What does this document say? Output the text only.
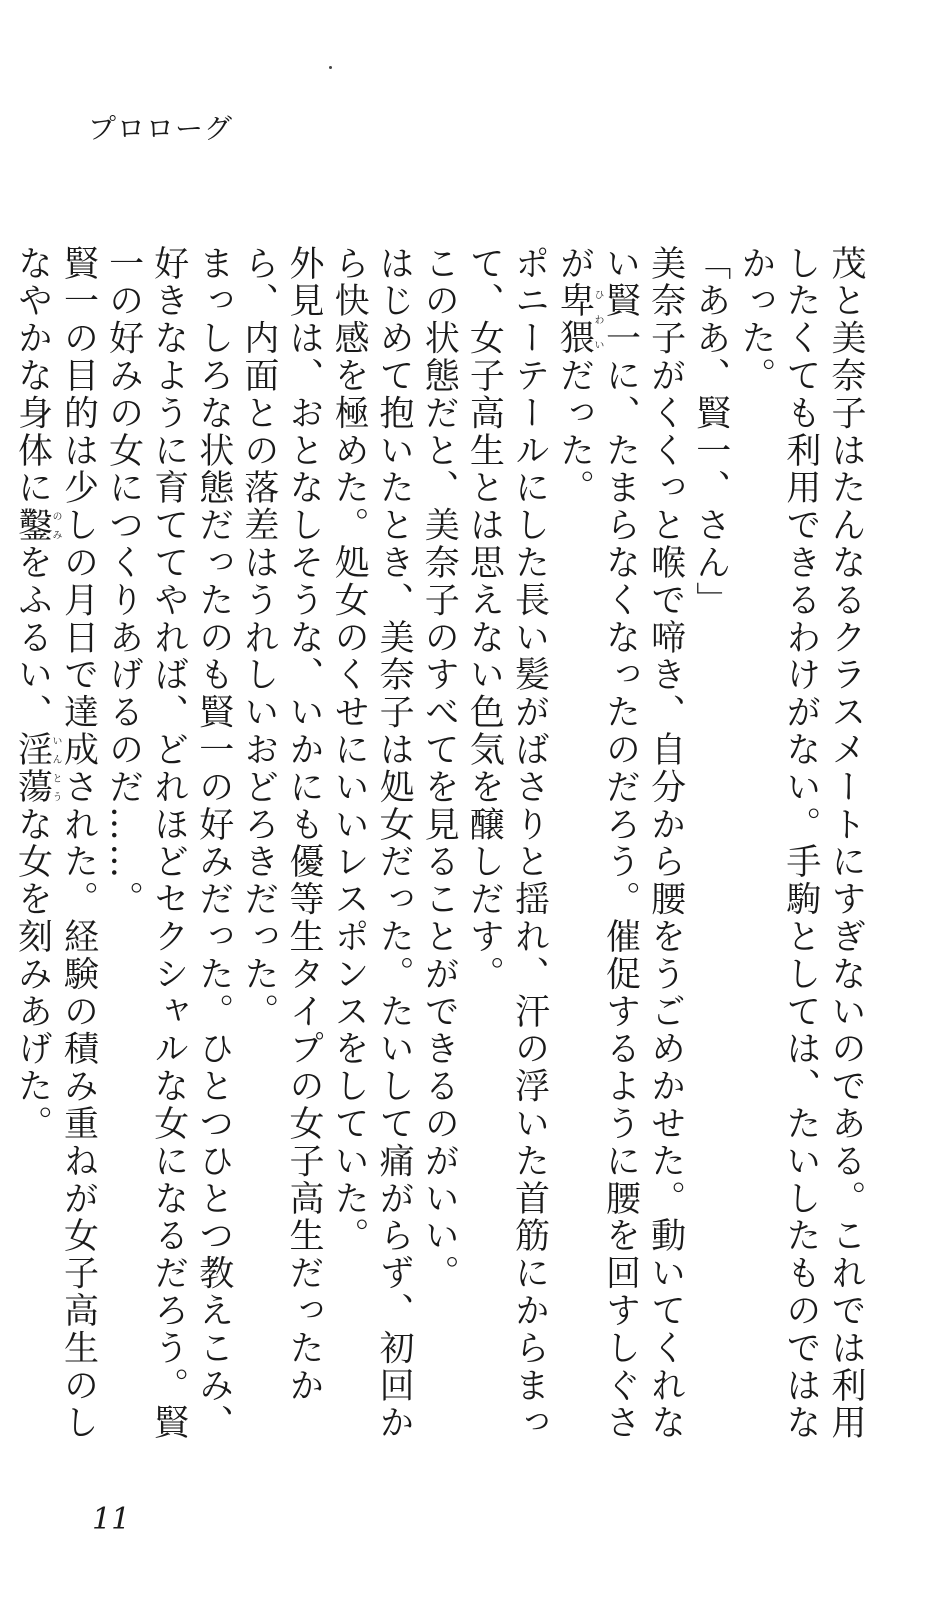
プロローグ

茂と美奈子はたんなるクラスメートにすぎないのである。これでは利用したくても利用できるわけがない。手駒としては、たいしたものではなかった。

「ああ、賢一、さん」

美奈子がくくっと喉で啼き、自分から腰をうごめかせた。動いてくれない賢一に、たまらなくなったのだろう。催促するように腰を回すしぐさが卑猥ひわいだった。

ポニーテールにした長い髪がばさりと揺れ、汗の浮いた首筋にからまって、女子高生とは思えない色気を醸しだす。

この状態だと、美奈子のすべてを見ることができるのがいい。

はじめて抱いたとき、美奈子は処女だった。たいして痛がらず、初回から快感を極めた。処女のくせにいいレスポンスをしていた。

外見は、おとなしそうな、いかにも優等生タイプの女子高生だったから、内面との落差はうれしいおどろきだった。

まっしろな状態だったのも賢一の好みだった。ひとつひとつ教えこみ、好きなように育ててやれば、どれほどセクシャルな女になるだろう。賢一の好みの女につくりあげるのだ……。

賢一の目的は少しの月日で達成された。経験の積み重ねが女子高生のしなやかな身体に鑿のみをふるい、淫蕩いんとうな女を刻みあげた。

11
